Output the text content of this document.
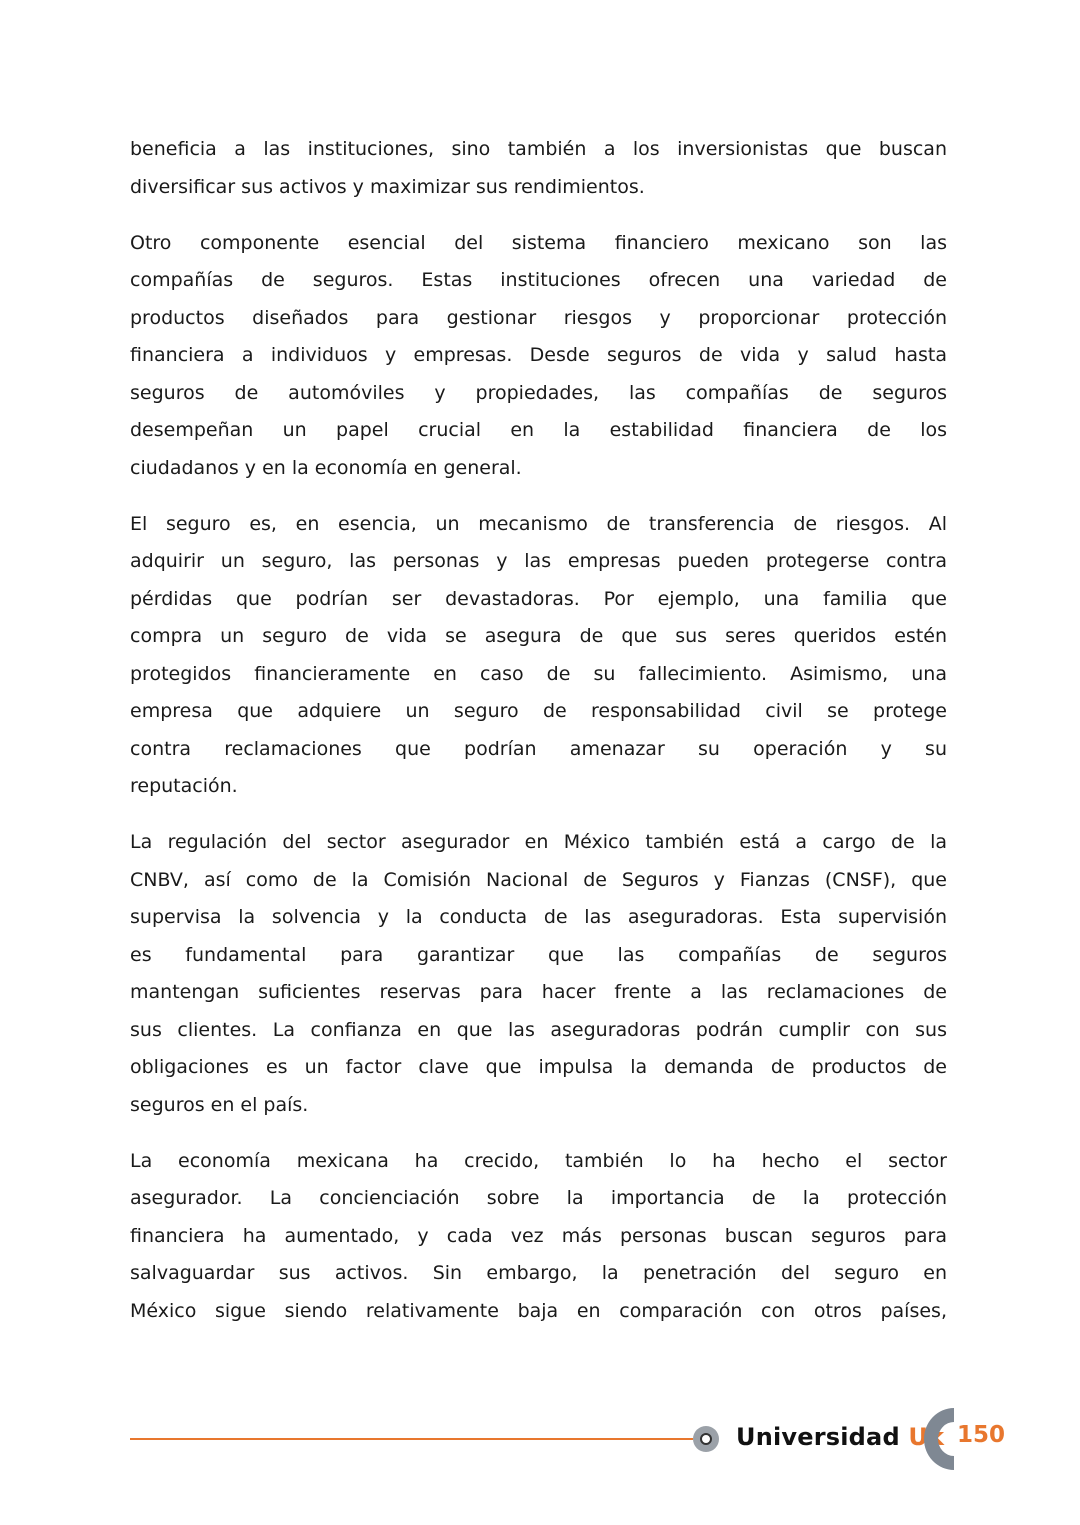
beneficia a las instituciones, sino también a los inversionistas que buscan
diversificar sus activos y maximizar sus rendimientos.
Otro componente esencial del sistema financiero mexicano son las
compañías de seguros. Estas instituciones ofrecen una variedad de
productos diseñados para gestionar riesgos y proporcionar protección
financiera a individuos y empresas. Desde seguros de vida y salud hasta
seguros de automóviles y propiedades, las compañías de seguros
desempeñan un papel crucial en la estabilidad financiera de los
ciudadanos y en la economía en general.
El seguro es, en esencia, un mecanismo de transferencia de riesgos. Al
adquirir un seguro, las personas y las empresas pueden protegerse contra
pérdidas que podrían ser devastadoras. Por ejemplo, una familia que
compra un seguro de vida se asegura de que sus seres queridos estén
protegidos financieramente en caso de su fallecimiento. Asimismo, una
empresa que adquiere un seguro de responsabilidad civil se protege
contra reclamaciones que podrían amenazar su operación y su
reputación.
La regulación del sector asegurador en México también está a cargo de la
CNBV, así como de la Comisión Nacional de Seguros y Fianzas (CNSF), que
supervisa la solvencia y la conducta de las aseguradoras. Esta supervisión
es fundamental para garantizar que las compañías de seguros
mantengan suficientes reservas para hacer frente a las reclamaciones de
sus clientes. La confianza en que las aseguradoras podrán cumplir con sus
obligaciones es un factor clave que impulsa la demanda de productos de
seguros en el país.
La economía mexicana ha crecido, también lo ha hecho el sector
asegurador. La concienciación sobre la importancia de la protección
financiera ha aumentado, y cada vez más personas buscan seguros para
salvaguardar sus activos. Sin embargo, la penetración del seguro en
México sigue siendo relativamente baja en comparación con otros países,
Universidad Uk 150
